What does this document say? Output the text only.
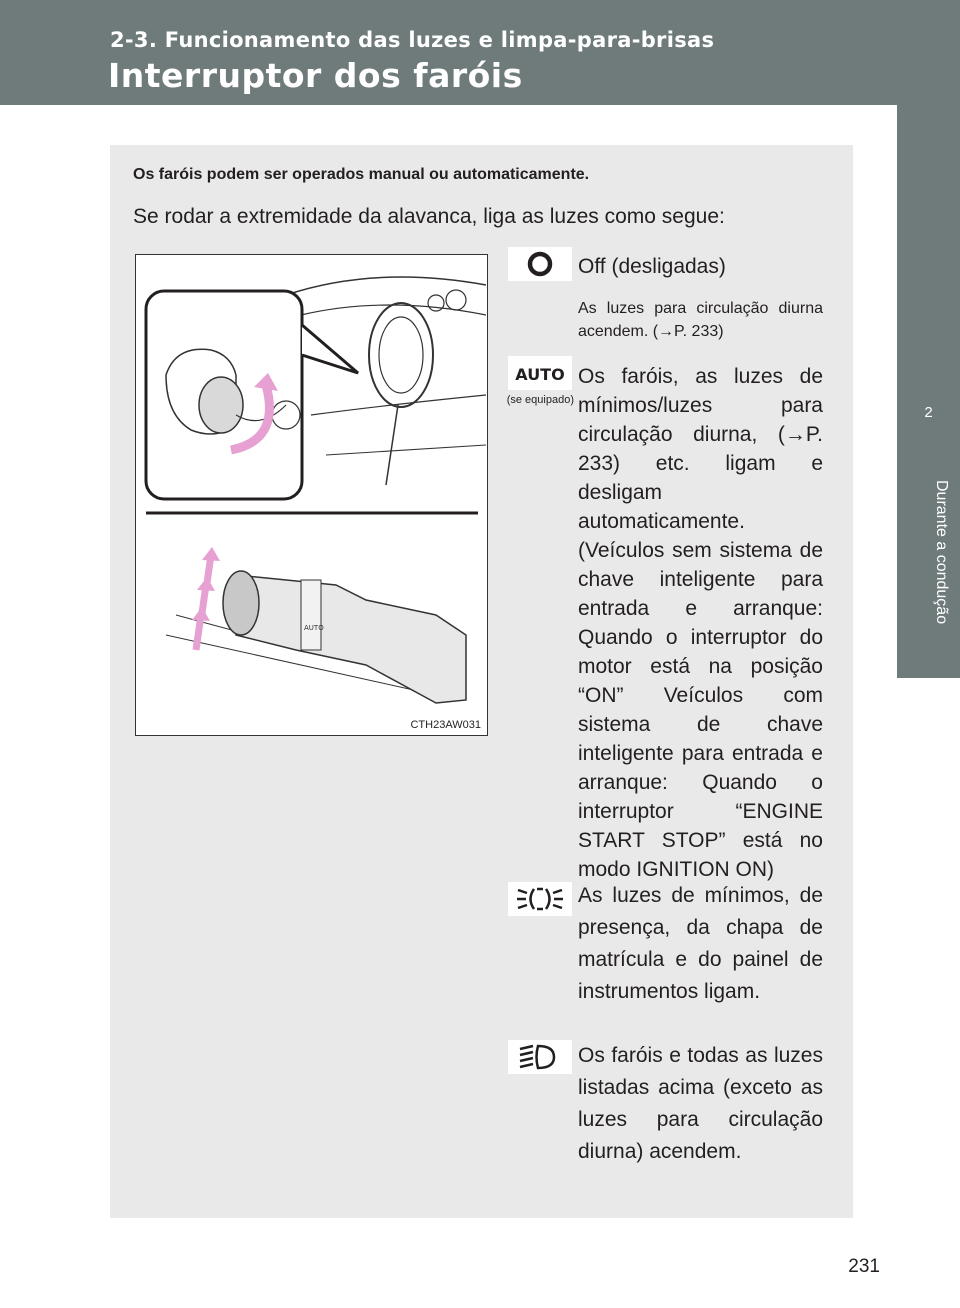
2-3. Funcionamento das luzes e limpa-para-brisas
Interruptor dos faróis
2
Durante a condução
Os faróis podem ser operados manual ou automaticamente.
Se rodar a extremidade da alavanca, liga as luzes como segue:
AUTO
CTH23AW031
Off (desligadas)
As luzes para circulação diurna acendem. (→P. 233)
AUTO
(se equipado)
Os faróis, as luzes de mínimos/luzes para circulação diurna, (→P. 233) etc. ligam e desligam automaticamente. (Veículos sem sistema de chave inteligente para entrada e arranque: Quando o interruptor do motor está na posição “ON” Veículos com sistema de chave inteligente para entrada e arranque: Quando o interruptor “ENGINE START STOP” está no modo IGNITION ON)
As luzes de mínimos, de presença, da chapa de matrícula e do painel de instrumentos ligam.
Os faróis e todas as luzes listadas acima (exceto as luzes para circulação diurna) acendem.
231
